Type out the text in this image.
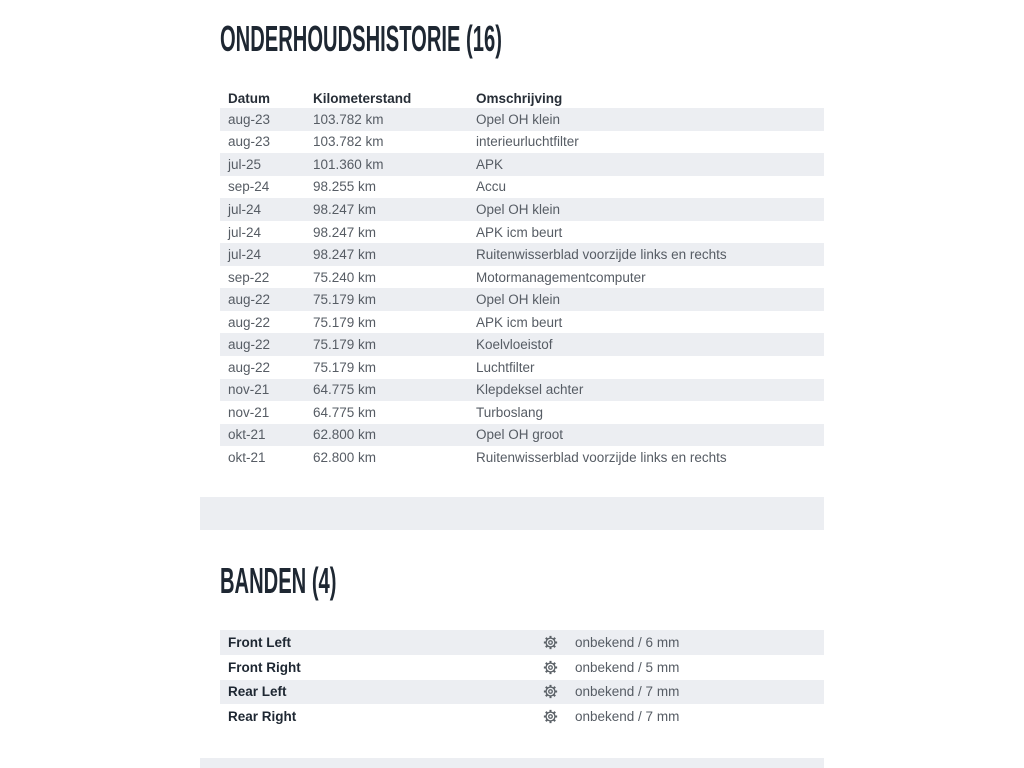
ONDERHOUDSHISTORIE (16)
Datum	Kilometerstand	Omschrijving
aug-23	103.782 km	Opel OH klein
aug-23	103.782 km	interieurluchtfilter
jul-25	101.360 km	APK
sep-24	98.255 km	Accu
jul-24	98.247 km	Opel OH klein
jul-24	98.247 km	APK icm beurt
jul-24	98.247 km	Ruitenwisserblad voorzijde links en rechts
sep-22	75.240 km	Motormanagementcomputer
aug-22	75.179 km	Opel OH klein
aug-22	75.179 km	APK icm beurt
aug-22	75.179 km	Koelvloeistof
aug-22	75.179 km	Luchtfilter
nov-21	64.775 km	Klepdeksel achter
nov-21	64.775 km	Turboslang
okt-21	62.800 km	Opel OH groot
okt-21	62.800 km	Ruitenwisserblad voorzijde links en rechts
BANDEN (4)
Front Left	onbekend / 6 mm
Front Right	onbekend / 5 mm
Rear Left	onbekend / 7 mm
Rear Right	onbekend / 7 mm
